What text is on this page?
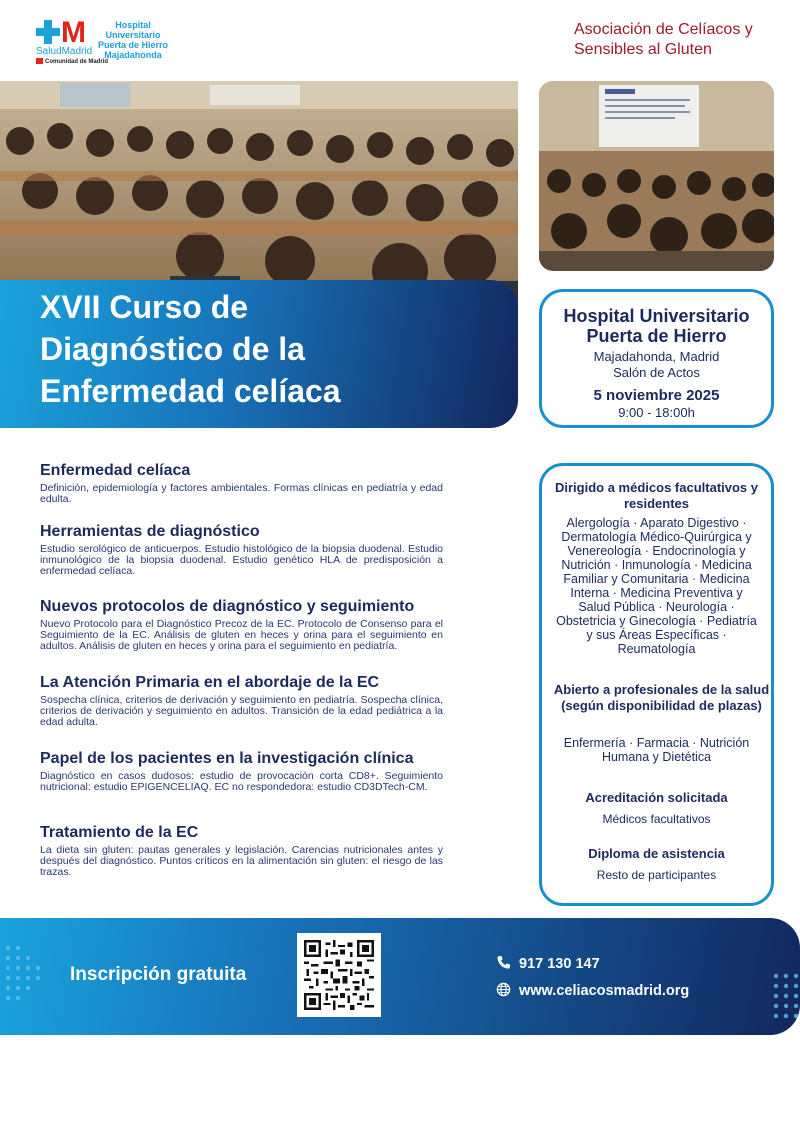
M
SaludMadrid
Comunidad de Madrid
Hospital Universitario
Puerta de Hierro
Majadahonda
Asociación de Celíacos y
Sensibles al Gluten
XVII Curso de
Diagnóstico de la
Enfermedad celíaca
Hospital Universitario
Puerta de Hierro
Majadahonda, Madrid
Salón de Actos
5 noviembre 2025
9:00 - 18:00h
Enfermedad celíaca

Definición, epidemiología y factores ambientales. Formas clínicas en pediatría y edad edulta.

Herramientas de diagnóstico

Estudio serológico de anticuerpos. Estudio histológico de la biopsia duodenal. Estudio inmunológico de la biopsia duodenal. Estudio genético HLA de predisposición a enfermedad celíaca.

Nuevos protocolos de diagnóstico y seguimiento

Nuevo Protocolo para el Diagnóstico Precoz de la EC. Protocolo de Consenso para el Seguimiento de la EC. Análisis de gluten en heces y orina para el seguimiento en adultos. Análisis de gluten en heces y orina para el seguimiento en pediatría.

La Atención Primaria en el abordaje de la EC

Sospecha clínica, criterios de derivación y seguimiento en pediatría. Sospecha clínica, criterios de derivación y seguimiento en adultos. Transición de la edad pediátrica a la edad adulta.

Papel de los pacientes en la investigación clínica

Diagnóstico en casos dudosos: estudio de provocación corta CD8+. Seguimiento nutricional: estudio EPIGENCELIAQ. EC no respondedora: estudio CD3DTech-CM.

Tratamiento de la EC

La dieta sin gluten: pautas generales y legislación. Carencias nutricionales antes y después del diagnóstico. Puntos críticos en la alimentación sin gluten: el riesgo de las trazas.

Dirigido a médicos facultativos y residentes
Alergología · Aparato Digestivo · Dermatología Médico-Quirúrgica y Venereología · Endocrinología y Nutrición · Inmunología · Medicina Familiar y Comunitaria · Medicina Interna · Medicina Preventiva y Salud Pública · Neurología · Obstetricia y Ginecología · Pediatría y sus Áreas Específicas · Reumatología
Abierto a profesionales de la salud (según disponibilidad de plazas)
Enfermería · Farmacia · Nutrición Humana y Dietética
Acreditación solicitada
Médicos facultativos
Diploma de asistencia
Resto de participantes
Inscripción gratuita	917 130 147
www.celiacosmadrid.org
